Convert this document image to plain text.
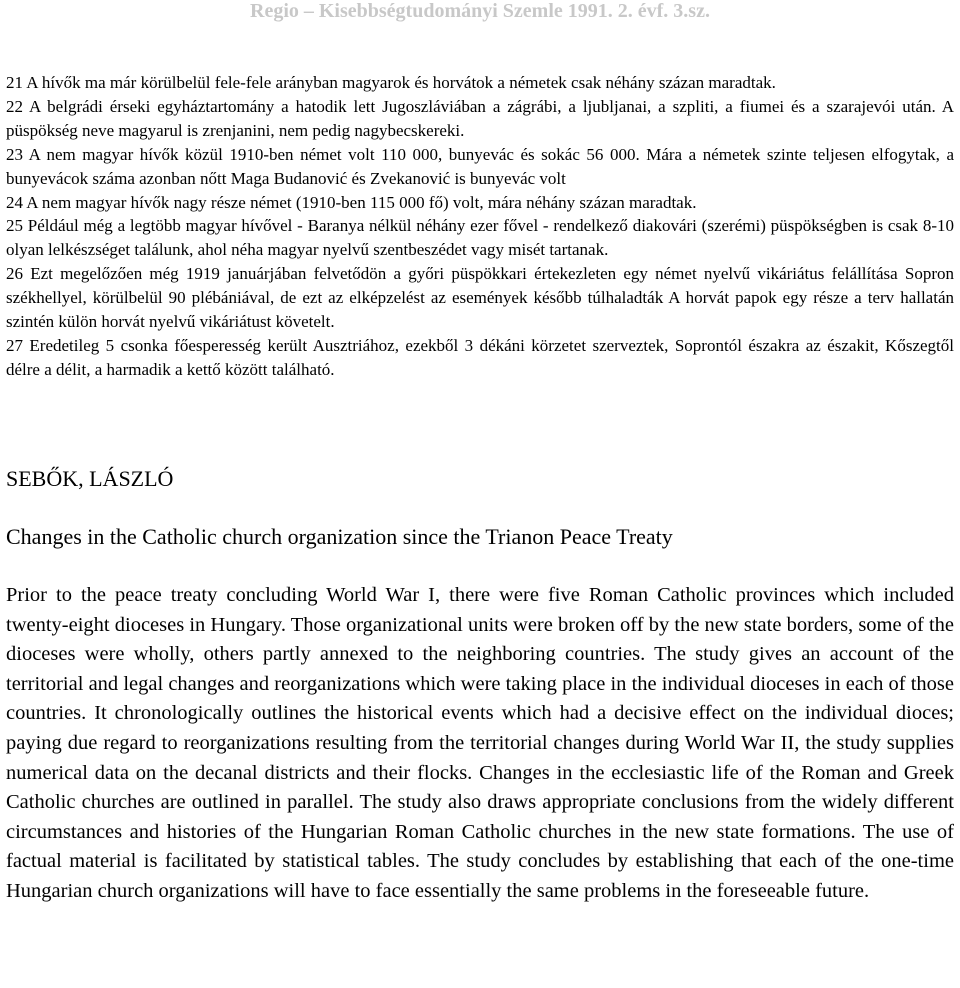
Regio – Kisebbségtudományi Szemle 1991. 2. évf. 3.sz.

21 A hívők ma már körülbelül fele-fele arányban magyarok és horvátok a németek csak néhány százan maradtak.

22 A belgrádi érseki egyháztartomány a hatodik lett Jugoszláviában a zágrábi, a ljubljanai, a szpliti, a fiumei és a szarajevói után. A püspökség neve magyarul is zrenjanini, nem pedig nagybecskereki.

23 A nem magyar hívők közül 1910-ben német volt 110 000, bunyevác és sokác 56 000. Mára a németek szinte teljesen elfogytak, a bunyevácok száma azonban nőtt Maga Budanović és Zvekanović is bunyevác volt

24 A nem magyar hívők nagy része német (1910-ben 115 000 fő) volt, mára néhány százan maradtak.

25 Például még a legtöbb magyar hívővel - Baranya nélkül néhány ezer fővel - rendelkező diakovári (szerémi) püspökségben is csak 8-10 olyan lelkészséget találunk, ahol néha magyar nyelvű szentbeszédet vagy misét tartanak.

26 Ezt megelőzően még 1919 januárjában felvetődön a győri püspökkari értekezleten egy német nyelvű vikáriátus felállítása Sopron székhellyel, körülbelül 90 plébániával, de ezt az elképzelést az események később túlhaladták A horvát papok egy része a terv hallatán szintén külön horvát nyelvű vikáriátust követelt.

27 Eredetileg 5 csonka főesperesség került Ausztriához, ezekből 3 dékáni körzetet szerveztek, Soprontól északra az északit, Kőszegtől délre a délit, a harmadik a kettő között található.

SEBŐK, LÁSZLÓ
Changes in the Catholic church organization since the Trianon Peace Treaty

Prior to the peace treaty concluding World War I, there were five Roman Catholic provinces which included twenty-eight dioceses in Hungary. Those organizational units were broken off by the new state borders, some of the dioceses were wholly, others partly annexed to the neighboring countries. The study gives an account of the territorial and legal changes and reorganizations which were taking place in the individual dioceses in each of those countries. It chronologically outlines the historical events which had a decisive effect on the individual dioces; paying due regard to reorganizations resulting from the territorial changes during World War II, the study supplies numerical data on the decanal districts and their flocks. Changes in the ecclesiastic life of the Roman and Greek Catholic churches are outlined in parallel. The study also draws appropriate conclusions from the widely different circumstances and histories of the Hungarian Roman Catholic churches in the new state formations. The use of factual material is facilitated by statistical tables. The study concludes by establishing that each of the one-time Hungarian church organizations will have to face essentially the same problems in the foreseeable future.
